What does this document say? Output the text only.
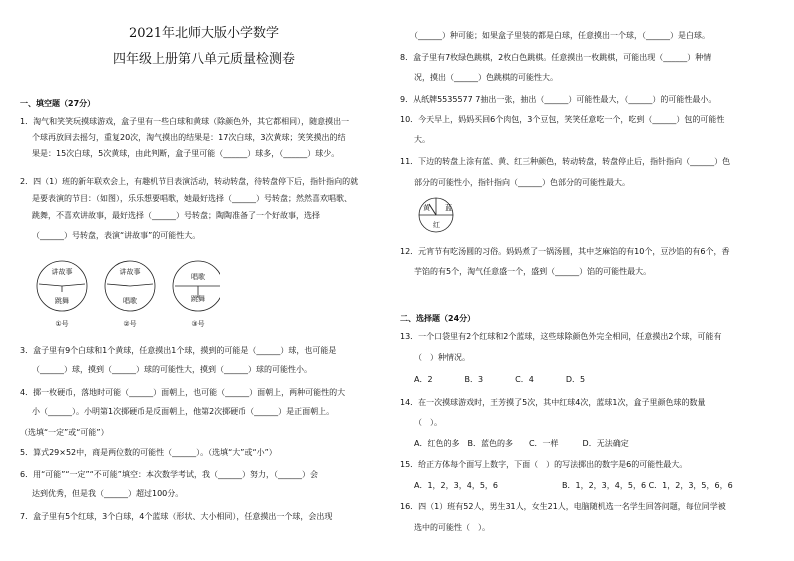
2021年北师大版小学数学
四年级上册第八单元质量检测卷
一、填空题（27分）
1．淘气和笑笑玩摸球游戏，盒子里有一些白球和黄球（除颜色外，其它都相同），随意摸出一
个球再放回去摇匀，重复20次，淘气摸出的结果是：17次白球，3次黄球；笑笑摸出的结
果是：15次白球，5次黄球，由此判断，盒子里可能（______）球多，（______）球少。
2．四（1）班的新年联欢会上，有趣机节目表演活动，转动转盘，待转盘停下后，指针指向的就
是要表演的节目：（如图），乐乐想要唱歌，她最好选择（______）号转盘；然然喜欢唱歌、
跳舞，不喜欢讲故事，最好选择（______）号转盘；陶陶准备了一个好故事，选择
（______）号转盘，表演“讲故事”的可能性大。
讲故事
跳舞
①号
讲故事
唱歌
②号
唱歌
跳舞
③号
3．盒子里有9个白球和1个黄球，任意摸出1个球，摸到的可能是（______）球，也可能是
（______）球，摸到（______）球的可能性大，摸到（______）球的可能性小。
4．掷一枚硬币，落地时可能（______）面朝上，也可能（______）面朝上，两种可能性的大
小（______）。小明第1次掷硬币是反面朝上，他第2次掷硬币（______）是正面朝上。
（选填“一定”或“可能”）
5．算式29×52中，商是两位数的可能性（______）。（选填“大”或“小”）
6．用“可能”“一定”“不可能”填空：本次数学考试，我（______）努力，（______）会
达到优秀，但是我（______）超过100分。
7．盒子里有5个红球，3个白球，4个蓝球（形状、大小相同），任意摸出一个球，会出现
（______）种可能；如果盒子里装的都是白球，任意摸出一个球，（______）是白球。
8．盒子里有7枚绿色跳棋，2枚白色跳棋。任意摸出一枚跳棋，可能出现（______）种情
况，摸出（______）色跳棋的可能性大。
9．从纸牌5535577 7抽出一张，抽出（______）可能性最大，（______）的可能性最小。
10．今天早上，妈妈买回6个肉包，3个豆包，笑笑任意吃一个，吃到（______）包的可能性
大。
11．下边的转盘上涂有蓝、黄、红三种颜色，转动转盘，转盘停止后，指针指向（______）色
部分的可能性小，指针指向（______）色部分的可能性最大。
黄 蓝
红
12．元宵节有吃汤圆的习俗。妈妈煮了一锅汤圆，其中芝麻馅的有10个，豆沙馅的有6个，香
芋馅的有5个，淘气任意盛一个，盛到（______）馅的可能性最大。
二、选择题（24分）
13．一个口袋里有2个红球和2个蓝球，这些球除颜色外完全相同，任意摸出2个球，可能有
（　）种情况。
A．2　　　　B．3　　　　C．4　　　　D．5
14．在一次摸球游戏时，王芳摸了5次，其中红球4次，蓝球1次，盒子里颜色球的数量
（　）。
A．红色的多　B．蓝色的多　　C．一样　　　D．无法确定
15．给正方体每个面写上数字，下面（　）的写法掷出的数字是6的可能性最大。
A．1，2，3，4，5，6　　　　　　　　B．1，2，3，4，5，6 C．1，2，3，5，6，6
16．四（1）班有52人，男生31人，女生21人，电脑随机选一名学生回答问题，每位同学被
选中的可能性（　）。
